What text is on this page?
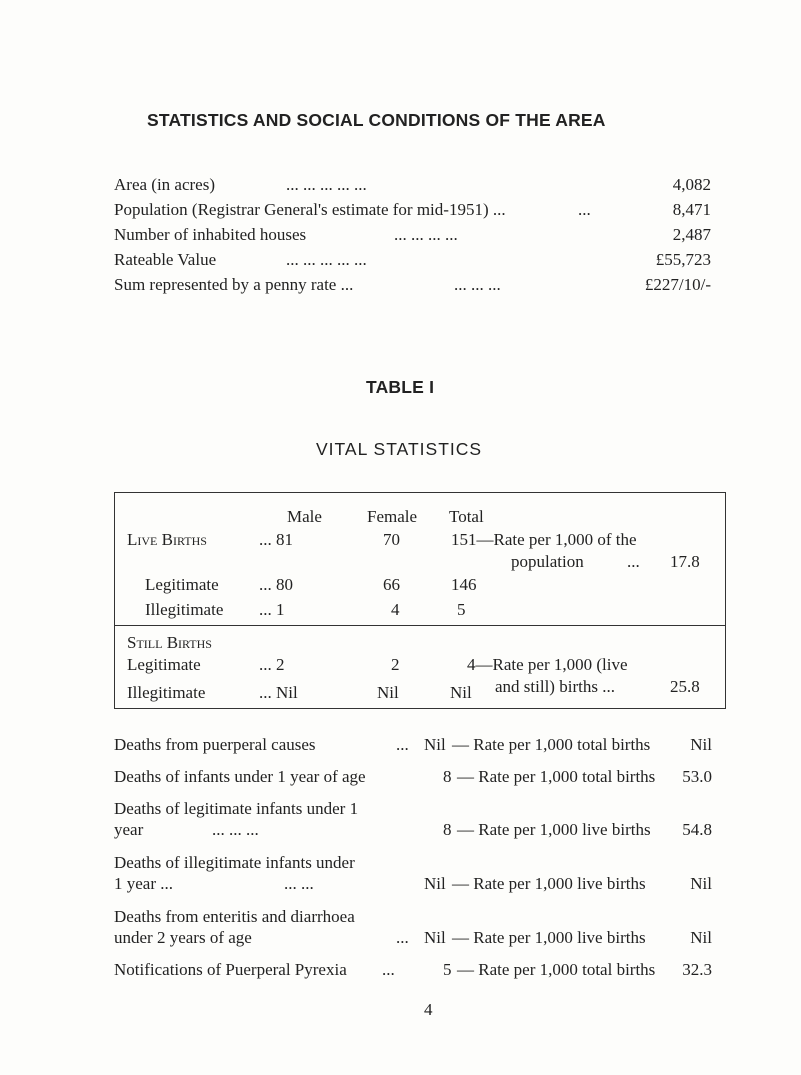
STATISTICS AND SOCIAL CONDITIONS OF THE AREA
Area (in acres)	... ... ... ... ...	4,082
Population (Registrar General's estimate for mid-1951) ...	...	8,471
Number of inhabited houses	... ... ... ...	2,487
Rateable Value	... ... ... ... ...	£55,723
Sum represented by a penny rate ...	... ... ...	£227/10/-
TABLE I
VITAL STATISTICS
Male	Female Total
Live Births	... 81	70	151—Rate per 1,000 of the
population	... 17.8
Legitimate ... 80	66	146
Illegitimate ... 1	4	5
Still Births
Legitimate	... 2	2	4—Rate per 1,000 (live
and still) births ...	25.8
Illegitimate	... Nil	Nil	Nil
Deaths from puerperal causes	... Nil — Rate per 1,000 total births Nil
Deaths of infants under 1 year of age	8 — Rate per 1,000 total births 53.0
Deaths of legitimate infants under 1
year	... ... ...	8 — Rate per 1,000 live births 54.8
Deaths of illegitimate infants under
1 year ...	... ...	Nil — Rate per 1,000 live births	Nil
Deaths from enteritis and diarrhoea
under 2 years of age	... Nil — Rate per 1,000 live births	Nil
Notifications of Puerperal Pyrexia ...	5 — Rate per 1,000 total births 32.3
4
